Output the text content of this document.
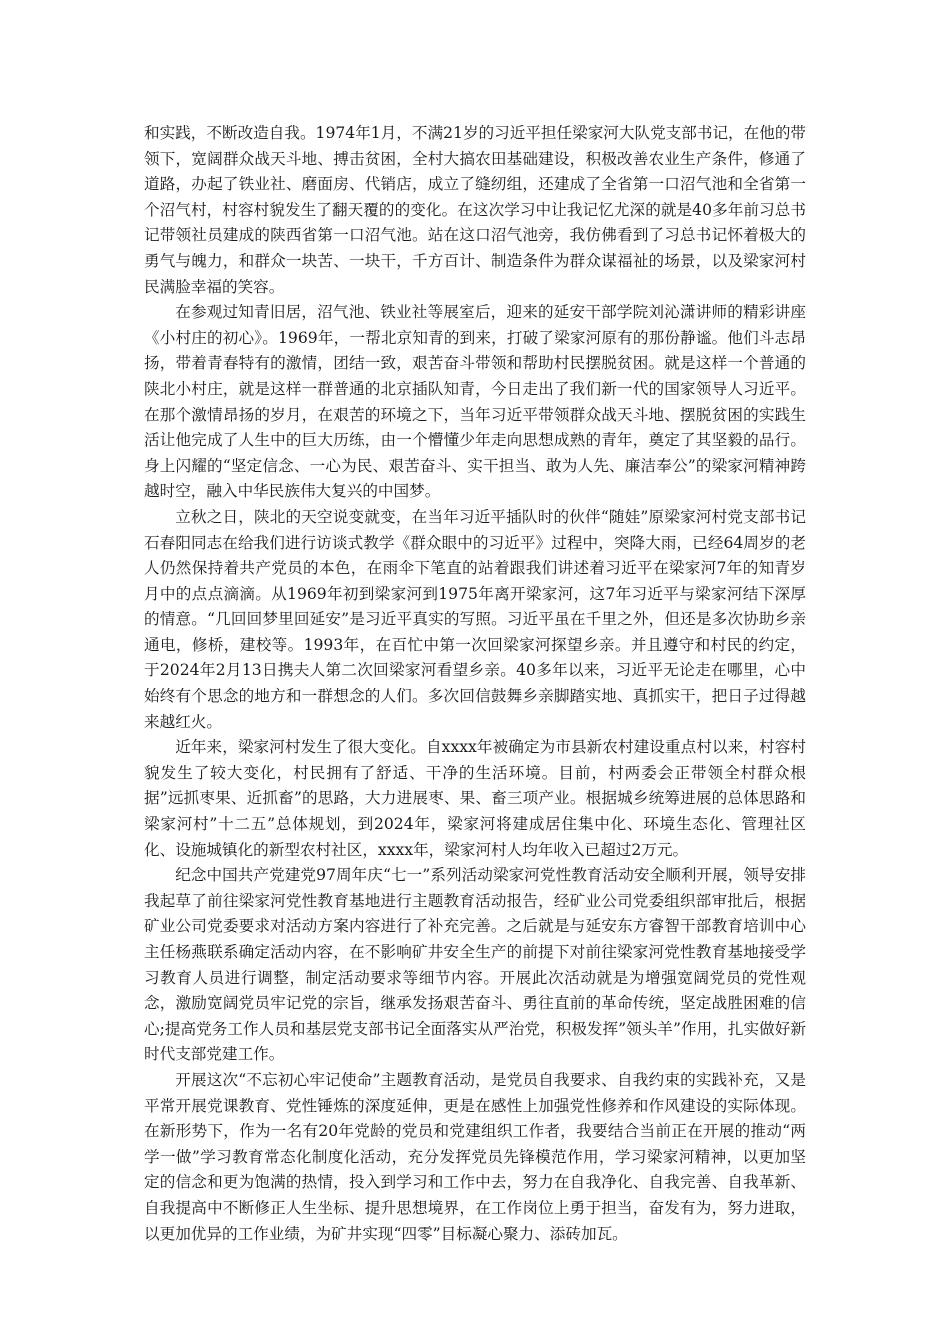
和实践，不断改造自我。1974年1月，不满21岁的习近平担任梁家河大队党支部书记，在他的带领下，宽阔群众战天斗地、搏击贫困，全村大搞农田基础建设，积极改善农业生产条件，修通了道路，办起了铁业社、磨面房、代销店，成立了缝纫组，还建成了全省第一口沼气池和全省第一个沼气村，村容村貌发生了翻天覆的的变化。在这次学习中让我记忆尤深的就是40多年前习总书记带领社员建成的陕西省第一口沼气池。站在这口沼气池旁，我仿佛看到了习总书记怀着极大的勇气与魄力，和群众一块苦、一块干，千方百计、制造条件为群众谋福祉的场景，以及梁家河村民满脸幸福的笑容。

在参观过知青旧居，沼气池、铁业社等展室后，迎来的延安干部学院刘沁潇讲师的精彩讲座《小村庄的初心》。1969年，一帮北京知青的到来，打破了梁家河原有的那份静谧。他们斗志昂扬，带着青春特有的激情，团结一致，艰苦奋斗带领和帮助村民摆脱贫困。就是这样一个普通的陕北小村庄，就是这样一群普通的北京插队知青，今日走出了我们新一代的国家领导人习近平。在那个激情昂扬的岁月，在艰苦的环境之下，当年习近平带领群众战天斗地、摆脱贫困的实践生活让他完成了人生中的巨大历练，由一个懵懂少年走向思想成熟的青年，奠定了其坚毅的品行。身上闪耀的“坚定信念、一心为民、艰苦奋斗、实干担当、敢为人先、廉洁奉公”的梁家河精神跨越时空，融入中华民族伟大复兴的中国梦。

立秋之日，陕北的天空说变就变，在当年习近平插队时的伙伴“随娃”原梁家河村党支部书记石春阳同志在给我们进行访谈式教学《群众眼中的习近平》过程中，突降大雨，已经64周岁的老人仍然保持着共产党员的本色，在雨伞下笔直的站着跟我们讲述着习近平在梁家河7年的知青岁月中的点点滴滴。从1969年初到梁家河到1975年离开梁家河，这7年习近平与梁家河结下深厚的情意。“几回回梦里回延安”是习近平真实的写照。习近平虽在千里之外，但还是多次协助乡亲通电，修桥，建校等。1993年，在百忙中第一次回梁家河探望乡亲。并且遵守和村民的约定，于2024年2月13日携夫人第二次回梁家河看望乡亲。40多年以来，习近平无论走在哪里，心中始终有个思念的地方和一群想念的人们。多次回信鼓舞乡亲脚踏实地、真抓实干，把日子过得越来越红火。

近年来，梁家河村发生了很大变化。自xxxx年被确定为市县新农村建设重点村以来，村容村貌发生了较大变化，村民拥有了舒适、干净的生活环境。目前，村两委会正带领全村群众根据”远抓枣果、近抓畜”的思路，大力进展枣、果、畜三项产业。根据城乡统筹进展的总体思路和梁家河村”十二五”总体规划，到2024年，梁家河将建成居住集中化、环境生态化、管理社区化、设施城镇化的新型农村社区，xxxx年，梁家河村人均年收入已超过2万元。

纪念中国共产党建党97周年庆“七一”系列活动梁家河党性教育活动安全顺利开展，领导安排我起草了前往梁家河党性教育基地进行主题教育活动报告，经矿业公司党委组织部审批后，根据矿业公司党委要求对活动方案内容进行了补充完善。之后就是与延安东方睿智干部教育培训中心主任杨燕联系确定活动内容，在不影响矿井安全生产的前提下对前往梁家河党性教育基地接受学习教育人员进行调整，制定活动要求等细节内容。开展此次活动就是为增强宽阔党员的党性观念，激励宽阔党员牢记党的宗旨，继承发扬艰苦奋斗、勇往直前的革命传统，坚定战胜困难的信心;提高党务工作人员和基层党支部书记全面落实从严治党，积极发挥”领头羊”作用，扎实做好新时代支部党建工作。

开展这次“不忘初心牢记使命”主题教育活动，是党员自我要求、自我约束的实践补充，又是平常开展党课教育、党性锤炼的深度延伸，更是在感性上加强党性修养和作风建设的实际体现。在新形势下，作为一名有20年党龄的党员和党建组织工作者，我要结合当前正在开展的推动“两学一做”学习教育常态化制度化活动，充分发挥党员先锋模范作用，学习梁家河精神，以更加坚定的信念和更为饱满的热情，投入到学习和工作中去，努力在自我净化、自我完善、自我革新、自我提高中不断修正人生坐标、提升思想境界，在工作岗位上勇于担当，奋发有为，努力进取，以更加优异的工作业绩，为矿井实现“四零”目标凝心聚力、添砖加瓦。
